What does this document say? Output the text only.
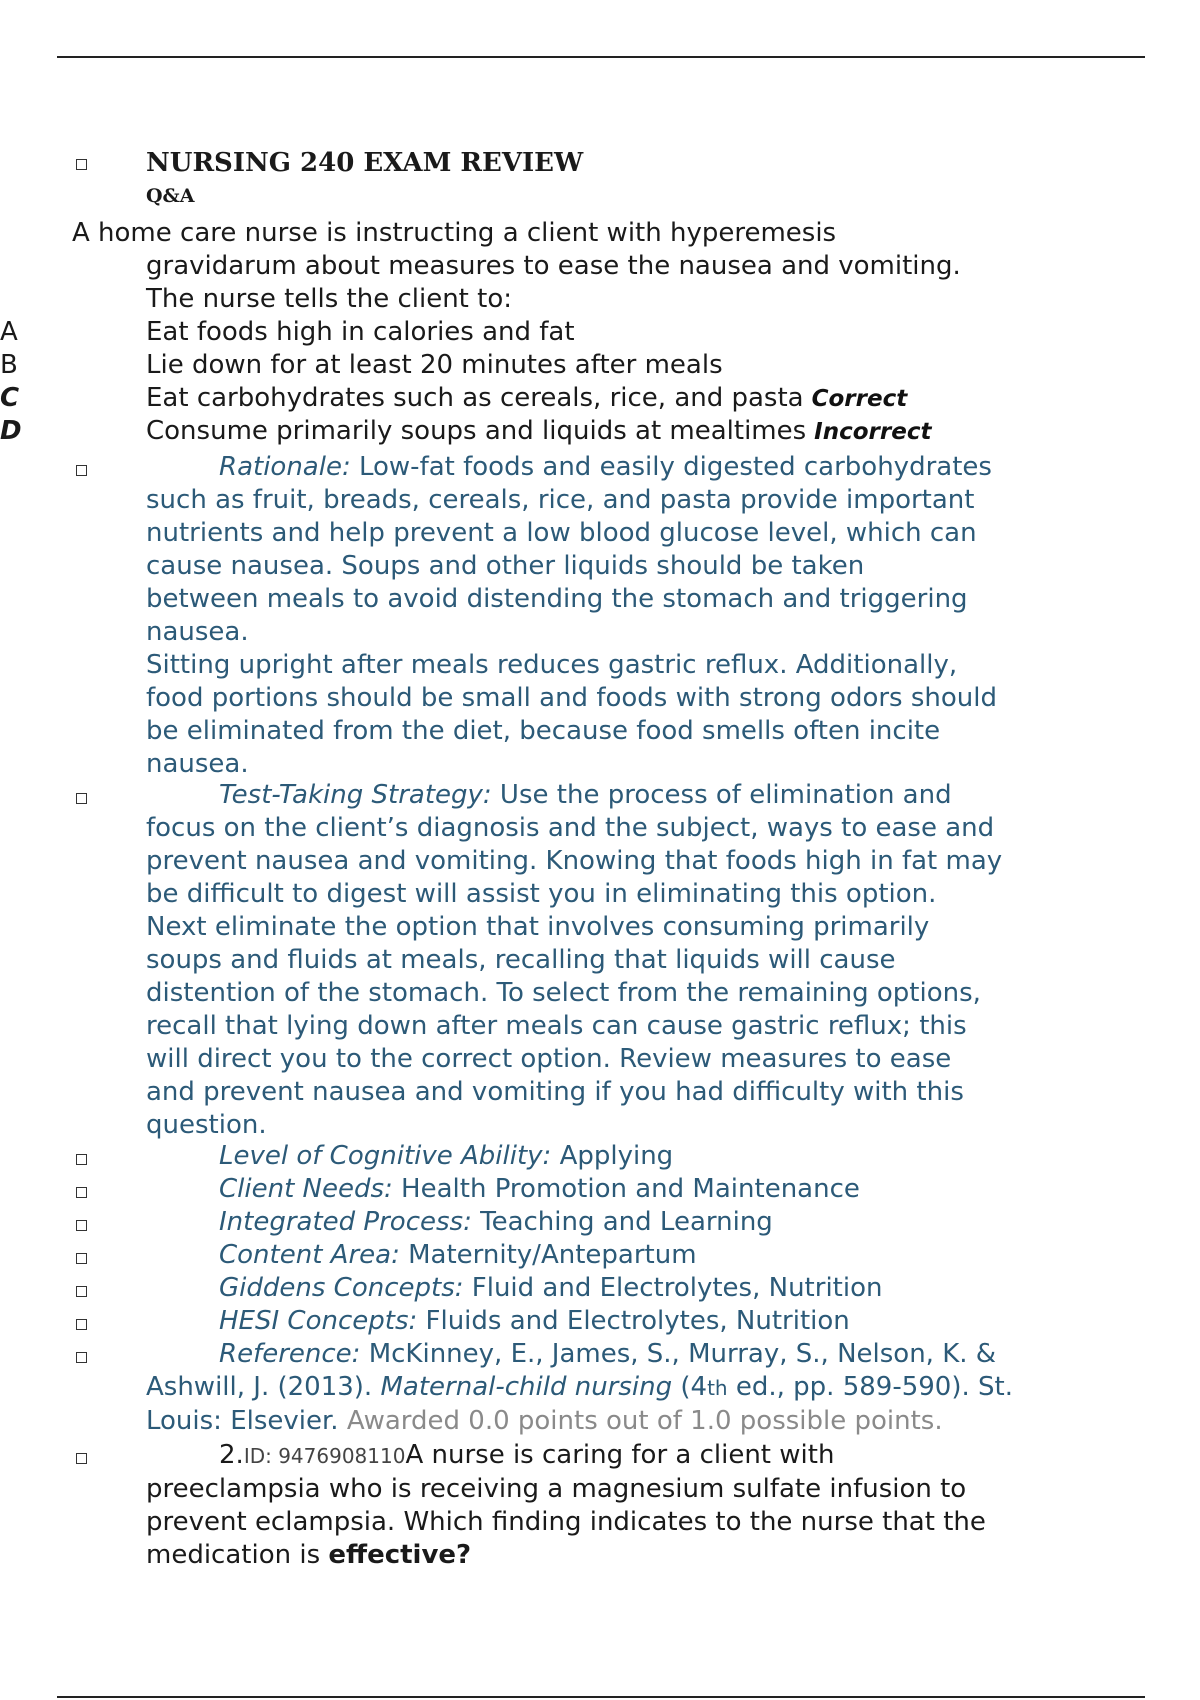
NURSING 240 EXAM REVIEW
Q&A
A home care nurse is instructing a client with hyperemesis
gravidarum about measures to ease the nausea and vomiting.
The nurse tells the client to:
A	Eat foods high in calories and fat
B	Lie down for at least 20 minutes after meals
C	Eat carbohydrates such as cereals, rice, and pasta Correct
D	Consume primarily soups and liquids at mealtimes Incorrect
Rationale: Low-fat foods and easily digested carbohydrates
such as fruit, breads, cereals, rice, and pasta provide important
nutrients and help prevent a low blood glucose level, which can
cause nausea. Soups and other liquids should be taken
between meals to avoid distending the stomach and triggering
nausea.
Sitting upright after meals reduces gastric reflux. Additionally,
food portions should be small and foods with strong odors should
be eliminated from the diet, because food smells often incite
nausea.
Test-Taking Strategy: Use the process of elimination and
focus on the client’s diagnosis and the subject, ways to ease and
prevent nausea and vomiting. Knowing that foods high in fat may
be difficult to digest will assist you in eliminating this option.
Next eliminate the option that involves consuming primarily
soups and fluids at meals, recalling that liquids will cause
distention of the stomach. To select from the remaining options,
recall that lying down after meals can cause gastric reflux; this
will direct you to the correct option. Review measures to ease
and prevent nausea and vomiting if you had difficulty with this
question.
Level of Cognitive Ability: Applying
Client Needs: Health Promotion and Maintenance
Integrated Process: Teaching and Learning
Content Area: Maternity/Antepartum
Giddens Concepts: Fluid and Electrolytes, Nutrition
HESI Concepts: Fluids and Electrolytes, Nutrition
Reference: McKinney, E., James, S., Murray, S., Nelson, K. &
Ashwill, J. (2013). Maternal-child nursing (4th ed., pp. 589-590). St.
Louis: Elsevier. Awarded 0.0 points out of 1.0 possible points.
2.ID: 9476908110A nurse is caring for a client with
preeclampsia who is receiving a magnesium sulfate infusion to
prevent eclampsia. Which finding indicates to the nurse that the
medication is effective?
